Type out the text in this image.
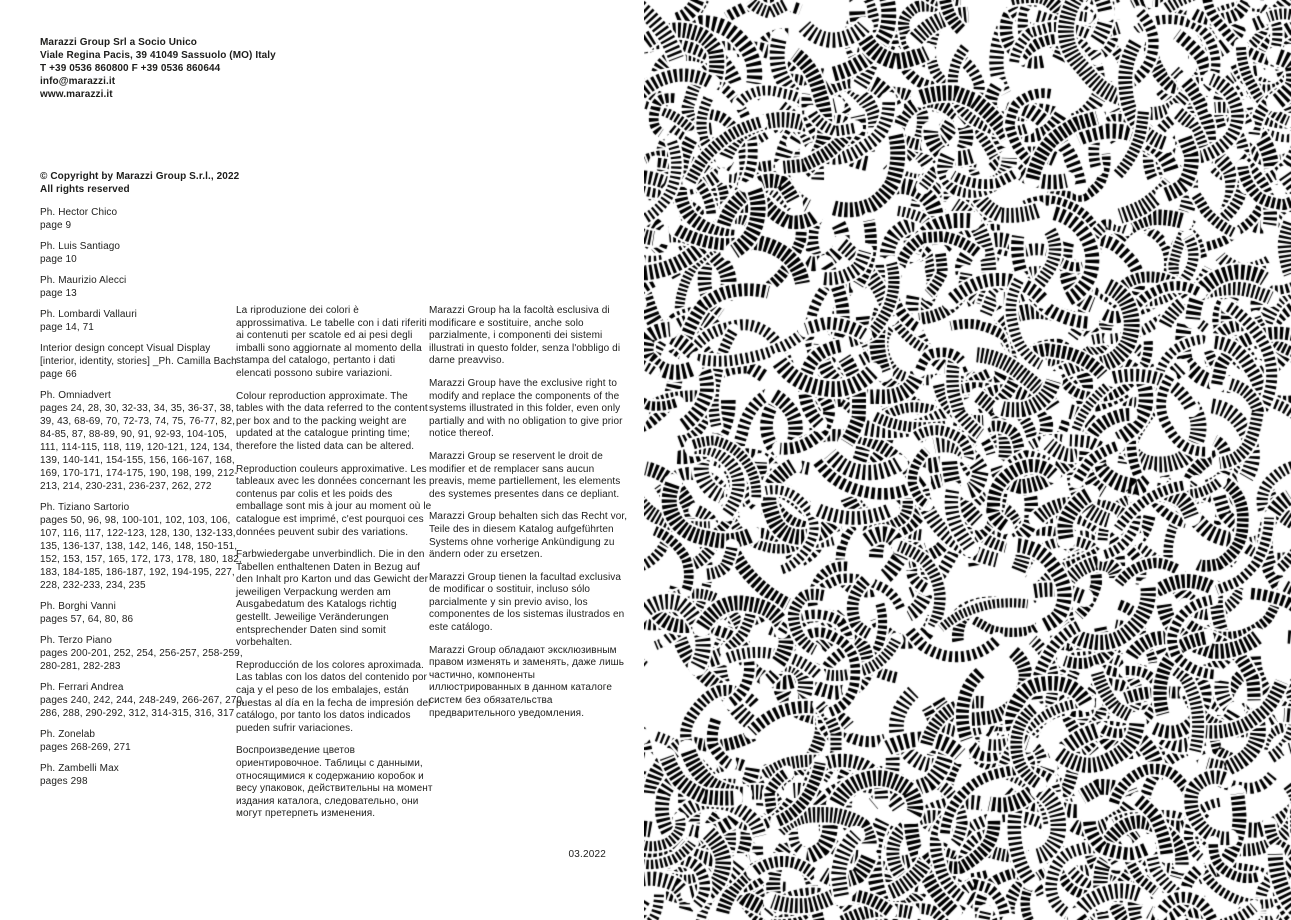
Marazzi Group Srl a Socio Unico
Viale Regina Pacis, 39 41049 Sassuolo (MO) Italy
T +39 0536 860800 F +39 0536 860644
info@marazzi.it
www.marazzi.it
© Copyright by Marazzi Group S.r.l., 2022
All rights reserved
Ph. Hector Chico
page 9
Ph. Luis Santiago
page 10
Ph. Maurizio Alecci
page 13
Ph. Lombardi Vallauri
page 14, 71
Interior design concept Visual Display [interior, identity, stories] _Ph. Camilla Bach
page 66
Ph. Omniadvert
pages 24, 28, 30, 32-33, 34, 35, 36-37, 38, 39, 43, 68-69, 70, 72-73, 74, 75, 76-77, 82, 84-85, 87, 88-89, 90, 91, 92-93, 104-105, 111, 114-115, 118, 119, 120-121, 124, 134, 139, 140-141, 154-155, 156, 166-167, 168, 169, 170-171, 174-175, 190, 198, 199, 212-213, 214, 230-231, 236-237, 262, 272
Ph. Tiziano Sartorio
pages 50, 96, 98, 100-101, 102, 103, 106, 107, 116, 117, 122-123, 128, 130, 132-133, 135, 136-137, 138, 142, 146, 148, 150-151, 152, 153, 157, 165, 172, 173, 178, 180, 182, 183, 184-185, 186-187, 192, 194-195, 227, 228, 232-233, 234, 235
Ph. Borghi Vanni
pages 57, 64, 80, 86
Ph. Terzo Piano
pages 200-201, 252, 254, 256-257, 258-259, 280-281, 282-283
Ph. Ferrari Andrea
pages 240, 242, 244, 248-249, 266-267, 270, 286, 288, 290-292, 312, 314-315, 316, 317
Ph. Zonelab
pages 268-269, 271
Ph. Zambelli Max
pages 298

La riproduzione dei colori è approssimativa. Le tabelle con i dati riferiti ai contenuti per scatole ed ai pesi degli imballi sono aggiornate al momento della stampa del catalogo, pertanto i dati elencati possono subire variazioni.

Colour reproduction approximate. The tables with the data referred to the content per box and to the packing weight are updated at the catalogue printing time; therefore the listed data can be altered.

Reproduction couleurs approximative. Les tableaux avec les données concernant les contenus par colis et les poids des emballage sont mis à jour au moment où le catalogue est imprimé, c'est pourquoi ces données peuvent subir des variations.

Farbwiedergabe unverbindlich. Die in den Tabellen enthaltenen Daten in Bezug auf den Inhalt pro Karton und das Gewicht der jeweiligen Verpackung werden am Ausgabedatum des Katalogs richtig gestellt. Jeweilige Veränderungen entsprechender Daten sind somit vorbehalten.

Reproducción de los colores aproximada. Las tablas con los datos del contenido por caja y el peso de los embalajes, están puestas al día en la fecha de impresión del catálogo, por tanto los datos indicados pueden sufrir variaciones.

Воспроизведение цветов ориентировочное. Таблицы с данными, относящимися к содержанию коробок и весу упаковок, действительны на момент издания каталога, следовательно, они могут претерпеть изменения.

Marazzi Group ha la facoltà esclusiva di modificare e sostituire, anche solo parzialmente, i componenti dei sistemi illustrati in questo folder, senza l'obbligo di darne preavviso.

Marazzi Group have the exclusive right to modify and replace the components of the systems illustrated in this folder, even only partially and with no obligation to give prior notice thereof.

Marazzi Group se reservent le droit de modifier et de remplacer sans aucun preavis, meme partiellement, les elements des systemes presentes dans ce depliant.

Marazzi Group behalten sich das Recht vor, Teile des in diesem Katalog aufgeführten Systems ohne vorherige Ankündigung zu ändern oder zu ersetzen.

Marazzi Group tienen la facultad exclusiva de modificar o sostituir, incluso sólo parcialmente y sin previo aviso, los componentes de los sistemas ilustrados en este catálogo.

Marazzi Group обладают эксклюзивным правом изменять и заменять, даже лишь частично, компоненты иллюстрированных в данном каталоге систем без обязательства предварительного уведомления.

03.2022
